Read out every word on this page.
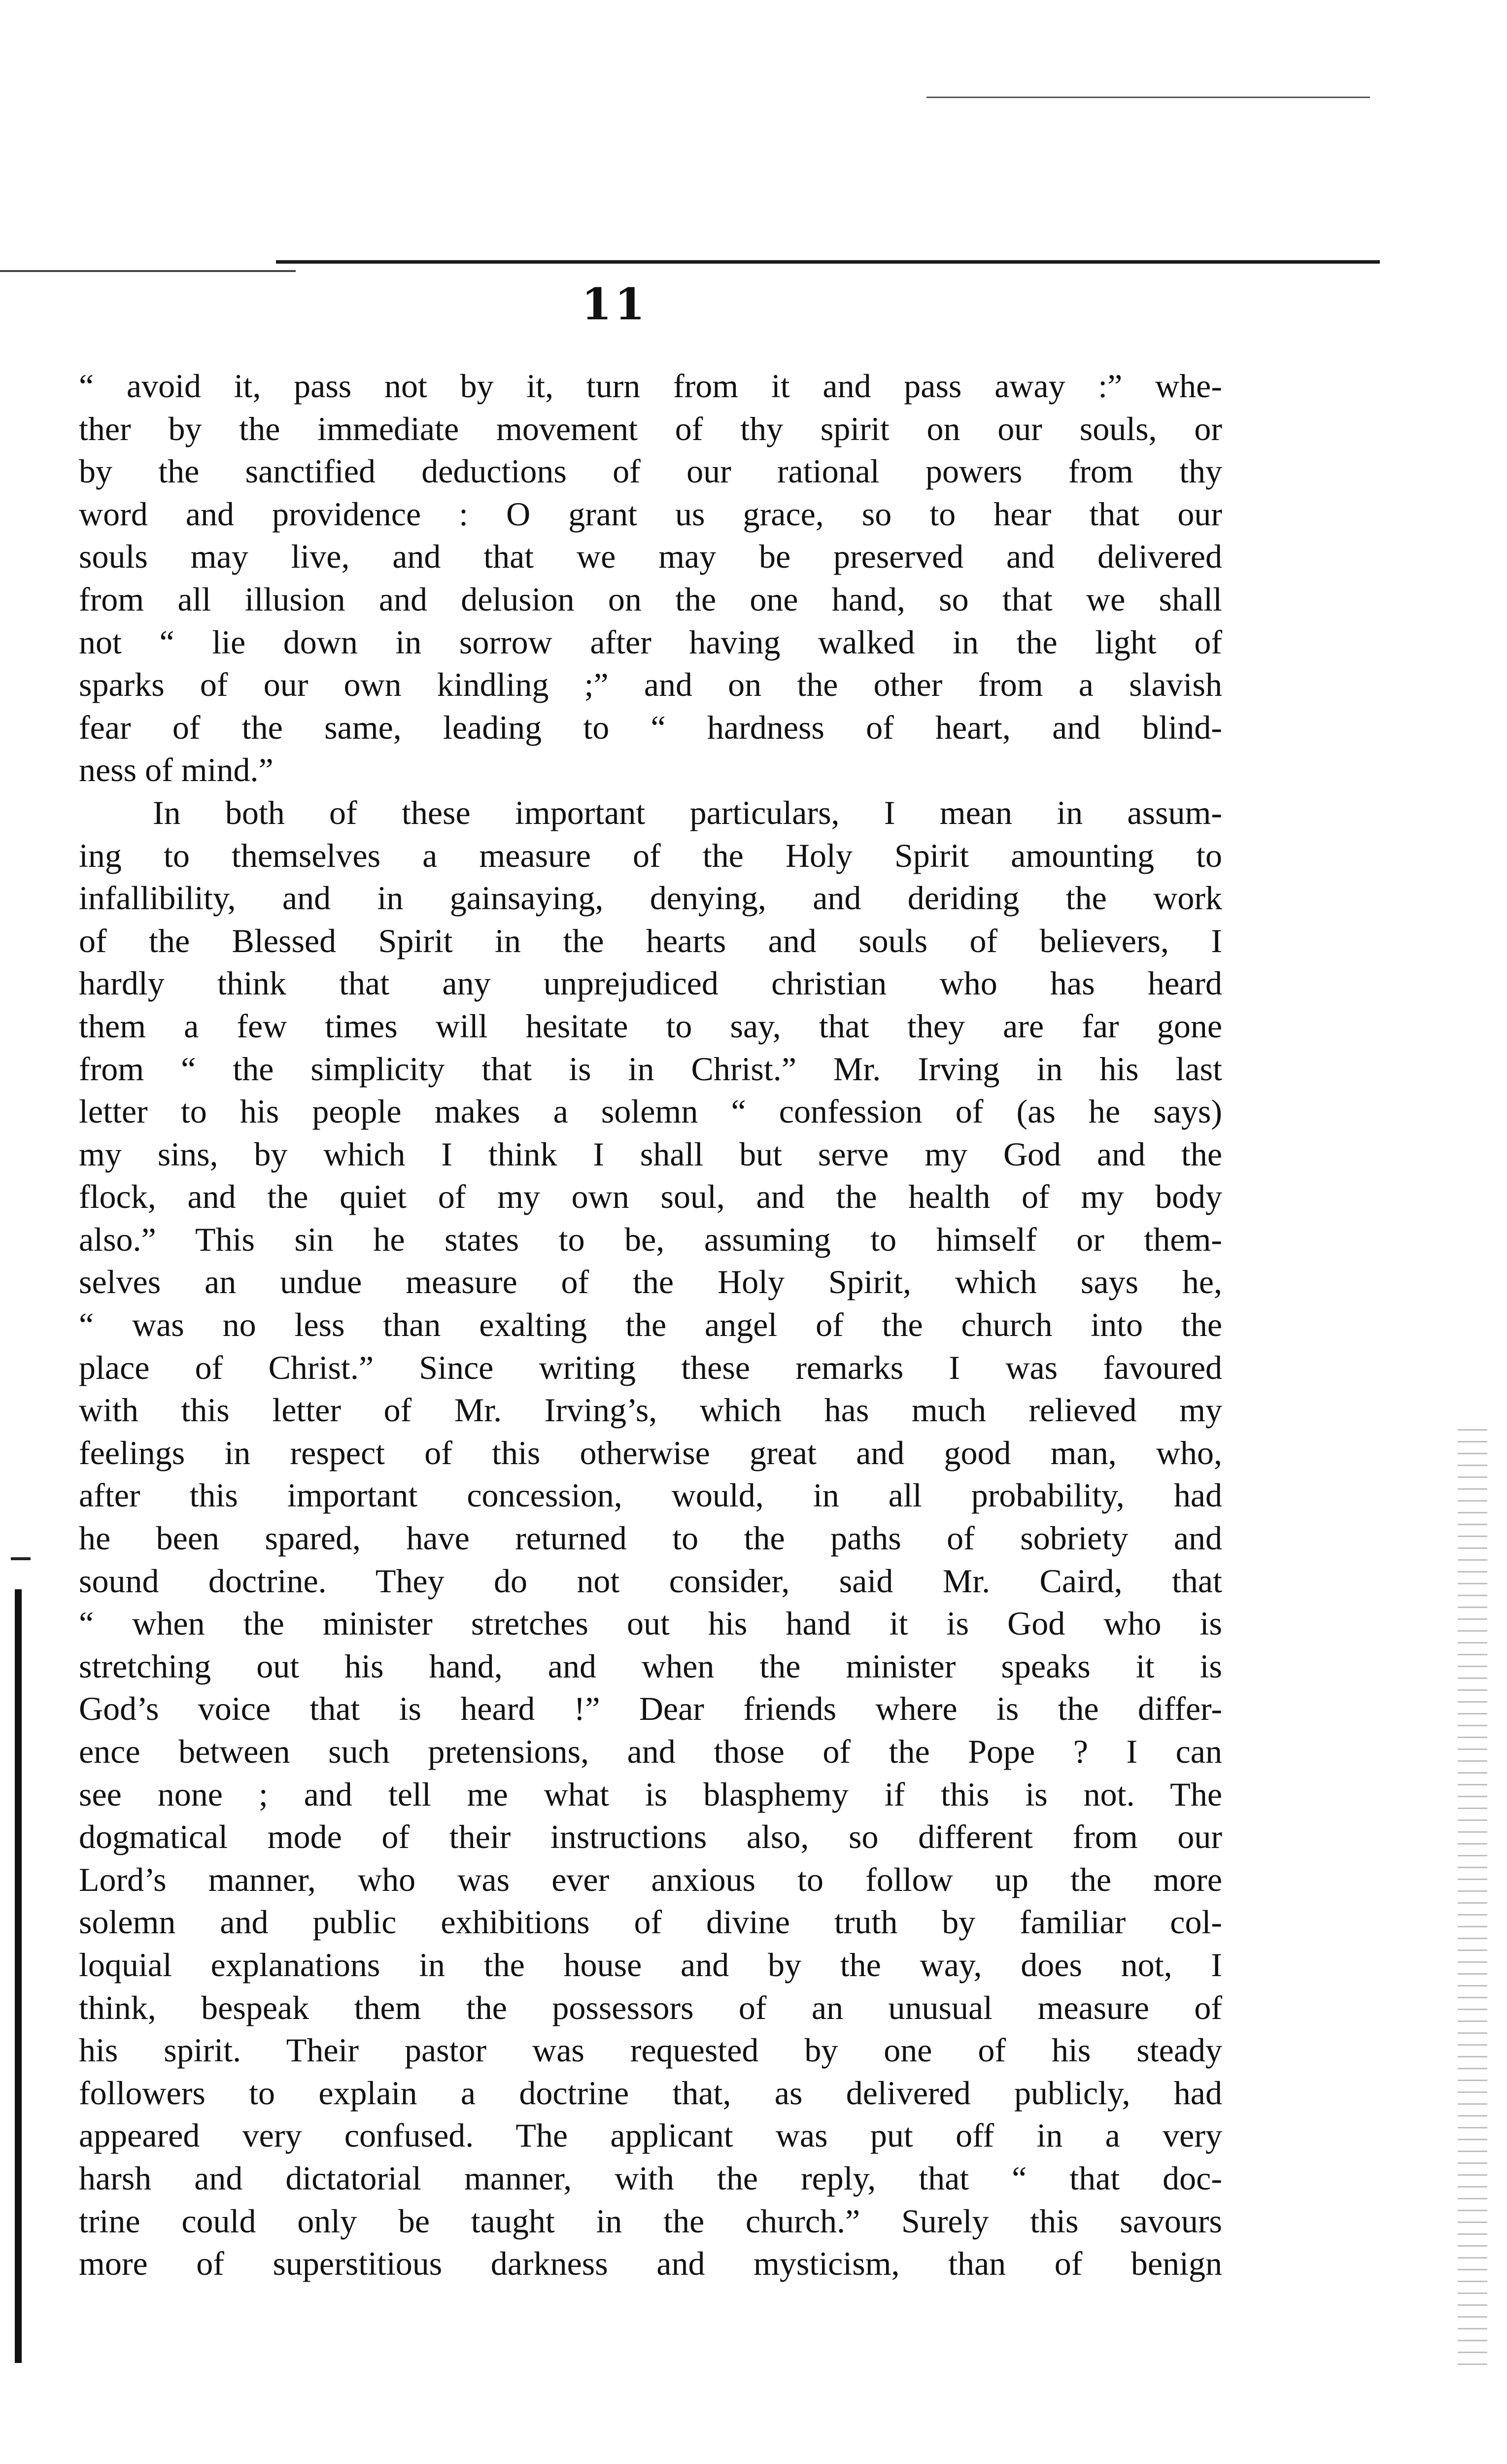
11
“ avoid it, pass not by it, turn from it and pass away :” whe-
ther by the immediate movement of thy spirit on our souls, or
by the sanctified deductions of our rational powers from thy
word and providence : O grant us grace, so to hear that our
souls may live, and that we may be preserved and delivered
from all illusion and delusion on the one hand, so that we shall
not “ lie down in sorrow after having walked in the light of
sparks of our own kindling ;” and on the other from a slavish
fear of the same, leading to “ hardness of heart, and blind-
ness of mind.”
In both of these important particulars, I mean in assum-
ing to themselves a measure of the Holy Spirit amounting to
infallibility, and in gainsaying, denying, and deriding the work
of the Blessed Spirit in the hearts and souls of believers, I
hardly think that any unprejudiced christian who has heard
them a few times will hesitate to say, that they are far gone
from “ the simplicity that is in Christ.” Mr. Irving in his last
letter to his people makes a solemn “ confession of (as he says)
my sins, by which I think I shall but serve my God and the
flock, and the quiet of my own soul, and the health of my body
also.” This sin he states to be, assuming to himself or them-
selves an undue measure of the Holy Spirit, which says he,
“ was no less than exalting the angel of the church into the
place of Christ.” Since writing these remarks I was favoured
with this letter of Mr. Irving’s, which has much relieved my
feelings in respect of this otherwise great and good man, who,
after this important concession, would, in all probability, had
he been spared, have returned to the paths of sobriety and
sound doctrine. They do not consider, said Mr. Caird, that
“ when the minister stretches out his hand it is God who is
stretching out his hand, and when the minister speaks it is
God’s voice that is heard !” Dear friends where is the differ-
ence between such pretensions, and those of the Pope ? I can
see none ; and tell me what is blasphemy if this is not. The
dogmatical mode of their instructions also, so different from our
Lord’s manner, who was ever anxious to follow up the more
solemn and public exhibitions of divine truth by familiar col-
loquial explanations in the house and by the way, does not, I
think, bespeak them the possessors of an unusual measure of
his spirit. Their pastor was requested by one of his steady
followers to explain a doctrine that, as delivered publicly, had
appeared very confused. The applicant was put off in a very
harsh and dictatorial manner, with the reply, that “ that doc-
trine could only be taught in the church.” Surely this savours
more of superstitious darkness and mysticism, than of benign
